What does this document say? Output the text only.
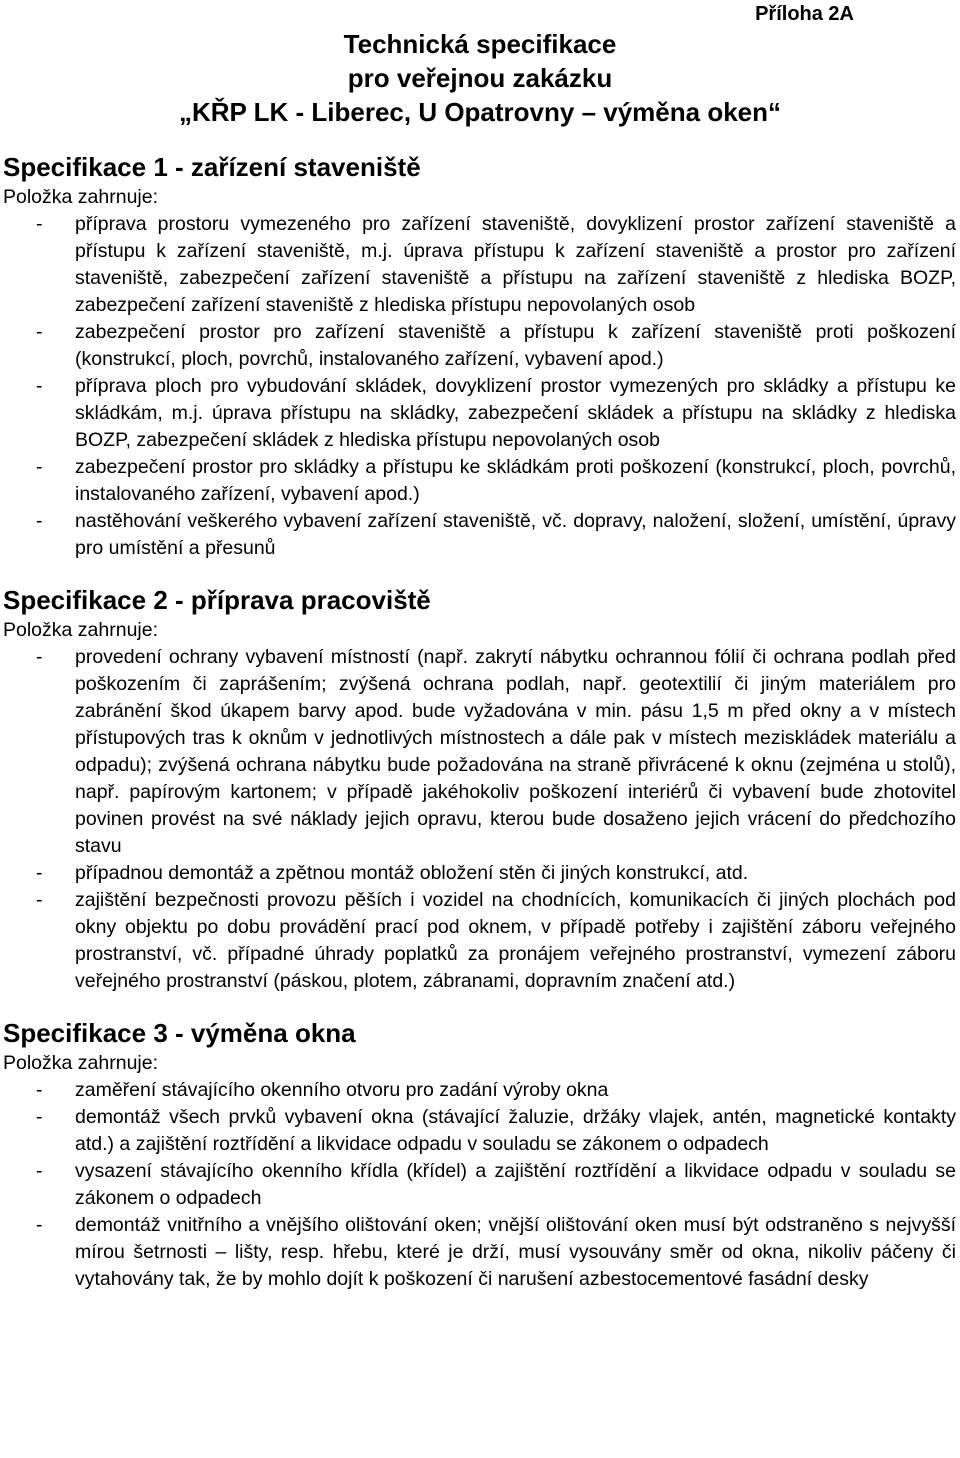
Příloha 2A
Technická specifikace
pro veřejnou zakázku
„KŘP LK - Liberec, U Opatrovny – výměna oken“
Specifikace 1 - zařízení staveniště
Položka zahrnuje:
- příprava prostoru vymezeného pro zařízení staveniště, dovyklizení prostor zařízení staveniště a přístupu k zařízení staveniště, m.j. úprava přístupu k zařízení staveniště a prostor pro zařízení staveniště, zabezpečení zařízení staveniště a přístupu na zařízení staveniště z hlediska BOZP, zabezpečení zařízení staveniště z hlediska přístupu nepovolaných osob
- zabezpečení prostor pro zařízení staveniště a přístupu k zařízení staveniště proti poškození (konstrukcí, ploch, povrchů, instalovaného zařízení, vybavení apod.)
- příprava ploch pro vybudování skládek, dovyklizení prostor vymezených pro skládky a přístupu ke skládkám, m.j. úprava přístupu na skládky, zabezpečení skládek a přístupu na skládky z hlediska BOZP, zabezpečení skládek z hlediska přístupu nepovolaných osob
- zabezpečení prostor pro skládky a přístupu ke skládkám proti poškození (konstrukcí, ploch, povrchů, instalovaného zařízení, vybavení apod.)
- nastěhování veškerého vybavení zařízení staveniště, vč. dopravy, naložení, složení, umístění, úpravy pro umístění a přesunů
Specifikace 2 - příprava pracoviště
Položka zahrnuje:
- provedení ochrany vybavení místností (např. zakrytí nábytku ochrannou fólií či ochrana podlah před poškozením či zaprášením; zvýšená ochrana podlah, např. geotextilií či jiným materiálem pro zabránění škod úkapem barvy apod. bude vyžadována v min. pásu 1,5 m před okny a v místech přístupových tras k oknům v jednotlivých místnostech a dále pak v místech meziskládek materiálu a odpadu); zvýšená ochrana nábytku bude požadována na straně přivrácené k oknu (zejména u stolů), např. papírovým kartonem; v případě jakéhokoliv poškození interiérů či vybavení bude zhotovitel povinen provést na své náklady jejich opravu, kterou bude dosaženo jejich vrácení do předchozího stavu
- případnou demontáž a zpětnou montáž obložení stěn či jiných konstrukcí, atd.
- zajištění bezpečnosti provozu pěších i vozidel na chodnících, komunikacích či jiných plochách pod okny objektu po dobu provádění prací pod oknem, v případě potřeby i zajištění záboru veřejného prostranství, vč. případné úhrady poplatků za pronájem veřejného prostranství, vymezení záboru veřejného prostranství (páskou, plotem, zábranami, dopravním značení atd.)
Specifikace 3 - výměna okna
Položka zahrnuje:
- zaměření stávajícího okenního otvoru pro zadání výroby okna
- demontáž všech prvků vybavení okna (stávající žaluzie, držáky vlajek, antén, magnetické kontakty atd.) a zajištění roztřídění a likvidace odpadu v souladu se zákonem o odpadech
- vysazení stávajícího okenního křídla (křídel) a zajištění roztřídění a likvidace odpadu v souladu se zákonem o odpadech
- demontáž vnitřního a vnějšího olištování oken; vnější olištování oken musí být odstraněno s nejvyšší mírou šetrnosti – lišty, resp. hřebu, které je drží, musí vysouvány směr od okna, nikoliv páčeny či vytahovány tak, že by mohlo dojít k poškození či narušení azbestocementové fasádní desky
